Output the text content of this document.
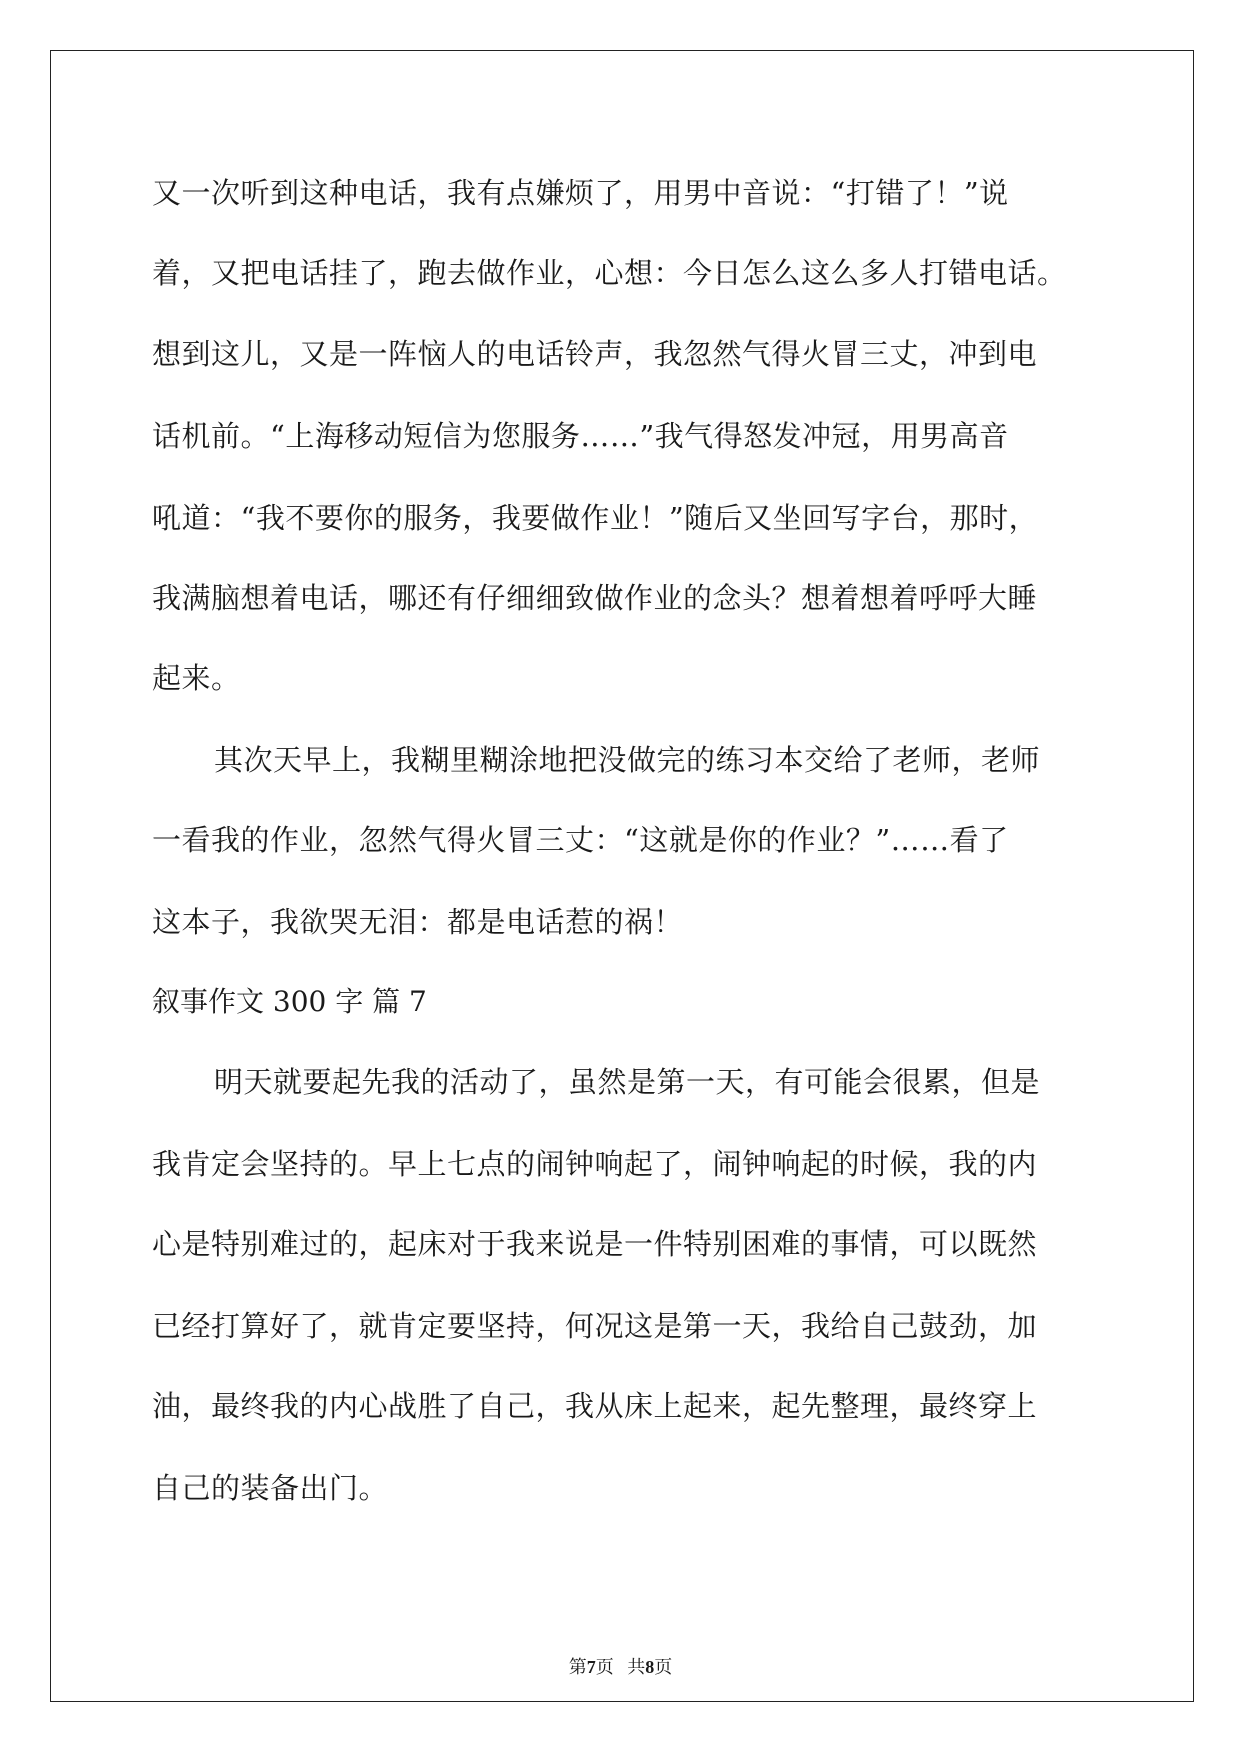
又一次听到这种电话，我有点嫌烦了，用男中音说：“打错了！”说
着，又把电话挂了，跑去做作业，心想：今日怎么这么多人打错电话。
想到这儿，又是一阵恼人的电话铃声，我忽然气得火冒三丈，冲到电
话机前。“上海移动短信为您服务……”我气得怒发冲冠，用男高音
吼道：“我不要你的服务，我要做作业！”随后又坐回写字台，那时，
我满脑想着电话，哪还有仔细细致做作业的念头？想着想着呼呼大睡
起来。
其次天早上，我糊里糊涂地把没做完的练习本交给了老师，老师
一看我的作业，忽然气得火冒三丈：“这就是你的作业？”……看了
这本子，我欲哭无泪：都是电话惹的祸！
叙事作文 300 字 篇 7
明天就要起先我的活动了，虽然是第一天，有可能会很累，但是
我肯定会坚持的。早上七点的闹钟响起了，闹钟响起的时候，我的内
心是特别难过的，起床对于我来说是一件特别困难的事情，可以既然
已经打算好了，就肯定要坚持，何况这是第一天，我给自己鼓劲，加
油，最终我的内心战胜了自己，我从床上起来，起先整理，最终穿上
自己的装备出门。
第7页   共8页
